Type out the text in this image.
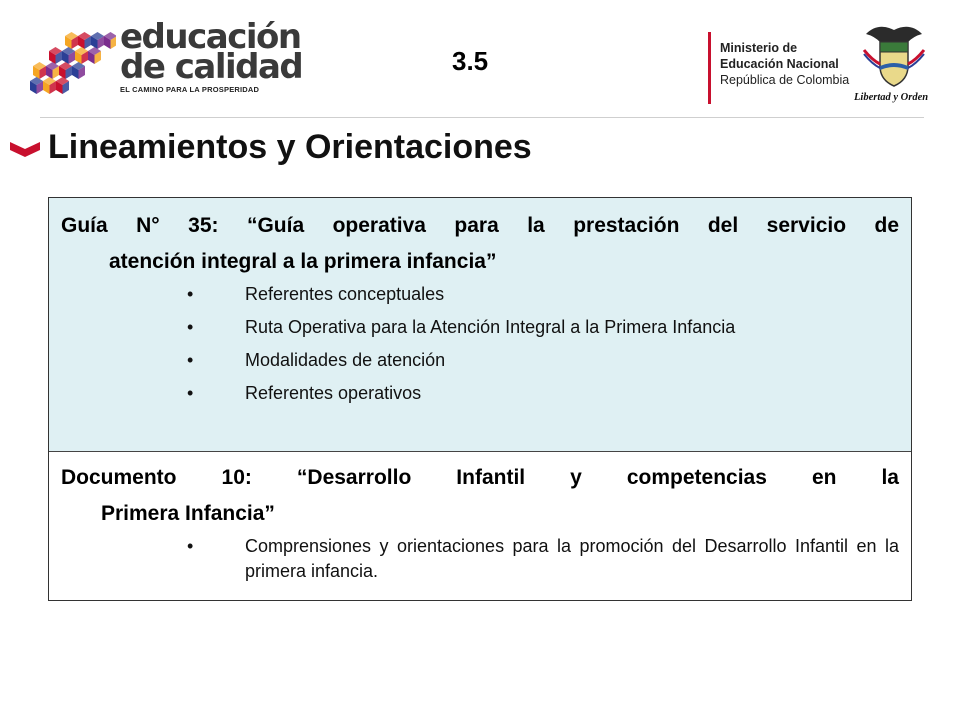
educación
de calidad
EL CAMINO PARA LA PROSPERIDAD
3.5	Ministerio de
Educación Nacional
República de Colombia
Libertad y Orden
Lineamientos y Orientaciones
Guía N° 35: “Guía operativa para la prestación del servicio de
atención integral a la primera infancia”
• Referentes conceptuales
• Ruta Operativa para la Atención Integral a la Primera Infancia
• Modalidades de atención
• Referentes operativos
Documento 10: “Desarrollo Infantil y competencias en la
Primera Infancia”
• Comprensiones y orientaciones para la promoción del Desarrollo Infantil en la primera infancia.
